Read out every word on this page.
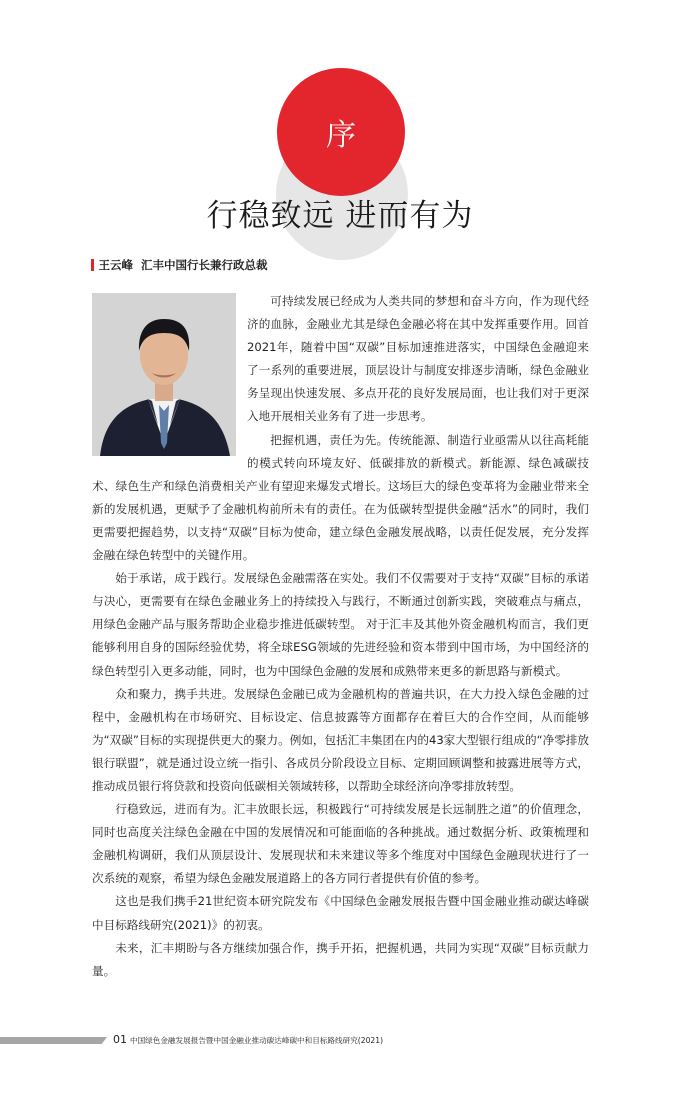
序
行稳致远 进而有为
王云峰 汇丰中国行长兼行政总裁

可持续发展已经成为人类共同的梦想和奋斗方向，作为现代经济的血脉，金融业尤其是绿色金融必将在其中发挥重要作用。回首2021年，随着中国“双碳”目标加速推进落实，中国绿色金融迎来了一系列的重要进展，顶层设计与制度安排逐步清晰，绿色金融业务呈现出快速发展、多点开花的良好发展局面，也让我们对于更深入地开展相关业务有了进一步思考。

把握机遇，责任为先。传统能源、制造行业亟需从以往高耗能的模式转向环境友好、低碳排放的新模式。新能源、绿色减碳技术、绿色生产和绿色消费相关产业有望迎来爆发式增长。这场巨大的绿色变革将为金融业带来全新的发展机遇，更赋予了金融机构前所未有的责任。在为低碳转型提供金融“活水”的同时，我们更需要把握趋势，以支持“双碳”目标为使命，建立绿色金融发展战略，以责任促发展，充分发挥金融在绿色转型中的关键作用。

始于承诺，成于践行。发展绿色金融需落在实处。我们不仅需要对于支持“双碳”目标的承诺与决心，更需要有在绿色金融业务上的持续投入与践行，不断通过创新实践，突破难点与痛点，用绿色金融产品与服务帮助企业稳步推进低碳转型。 对于汇丰及其他外资金融机构而言，我们更能够利用自身的国际经验优势，将全球ESG领域的先进经验和资本带到中国市场，为中国经济的绿色转型引入更多动能，同时，也为中国绿色金融的发展和成熟带来更多的新思路与新模式。

众和聚力，携手共进。发展绿色金融已成为金融机构的普遍共识，在大力投入绿色金融的过程中，金融机构在市场研究、目标设定、信息披露等方面都存在着巨大的合作空间，从而能够为“双碳”目标的实现提供更大的聚力。例如，包括汇丰集团在内的43家大型银行组成的“净零排放银行联盟”，就是通过设立统一指引、各成员分阶段设立目标、定期回顾调整和披露进展等方式，推动成员银行将贷款和投资向低碳相关领域转移，以帮助全球经济向净零排放转型。

行稳致远，进而有为。汇丰放眼长远，积极践行“可持续发展是长远制胜之道”的价值理念，同时也高度关注绿色金融在中国的发展情况和可能面临的各种挑战。通过数据分析、政策梳理和金融机构调研，我们从顶层设计、发展现状和未来建议等多个维度对中国绿色金融现状进行了一次系统的观察，希望为绿色金融发展道路上的各方同行者提供有价值的参考。

这也是我们携手21世纪资本研究院发布《中国绿色金融发展报告暨中国金融业推动碳达峰碳中目标路线研究(2021)》的初衷。

未来，汇丰期盼与各方继续加强合作，携手开拓，把握机遇，共同为实现“双碳”目标贡献力量。

01 中国绿色金融发展报告暨中国金融业推动碳达峰碳中和目标路线研究(2021)
